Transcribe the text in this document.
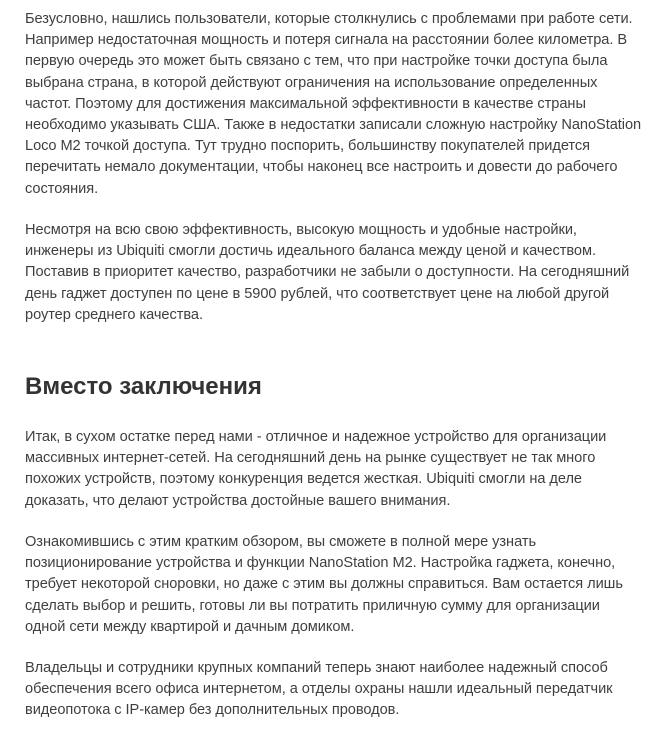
Безусловно, нашлись пользователи, которые столкнулись с проблемами при работе сети. Например недостаточная мощность и потеря сигнала на расстоянии более километра. В первую очередь это может быть связано с тем, что при настройке точки доступа была выбрана страна, в которой действуют ограничения на использование определенных частот. Поэтому для достижения максимальной эффективности в качестве страны необходимо указывать США. Также в недостатки записали сложную настройку NanoStation Loco M2 точкой доступа. Тут трудно поспорить, большинству покупателей придется перечитать немало документации, чтобы наконец все настроить и довести до рабочего состояния.

Несмотря на всю свою эффективность, высокую мощность и удобные настройки, инженеры из Ubiquiti смогли достичь идеального баланса между ценой и качеством. Поставив в приоритет качество, разработчики не забыли о доступности. На сегодняшний день гаджет доступен по цене в 5900 рублей, что соответствует цене на любой другой роутер среднего качества.

Вместо заключения

Итак, в сухом остатке перед нами - отличное и надежное устройство для организации массивных интернет-сетей. На сегодняшний день на рынке существует не так много похожих устройств, поэтому конкуренция ведется жесткая. Ubiquiti смогли на деле доказать, что делают устройства достойные вашего внимания.

Ознакомившись с этим кратким обзором, вы сможете в полной мере узнать позиционирование устройства и функции NanoStation M2. Настройка гаджета, конечно, требует некоторой сноровки, но даже с этим вы должны справиться. Вам остается лишь сделать выбор и решить, готовы ли вы потратить приличную сумму для организации одной сети между квартирой и дачным домиком.

Владельцы и сотрудники крупных компаний теперь знают наиболее надежный способ обеспечения всего офиса интернетом, а отделы охраны нашли идеальный передатчик видеопотока с IP-камер без дополнительных проводов.
